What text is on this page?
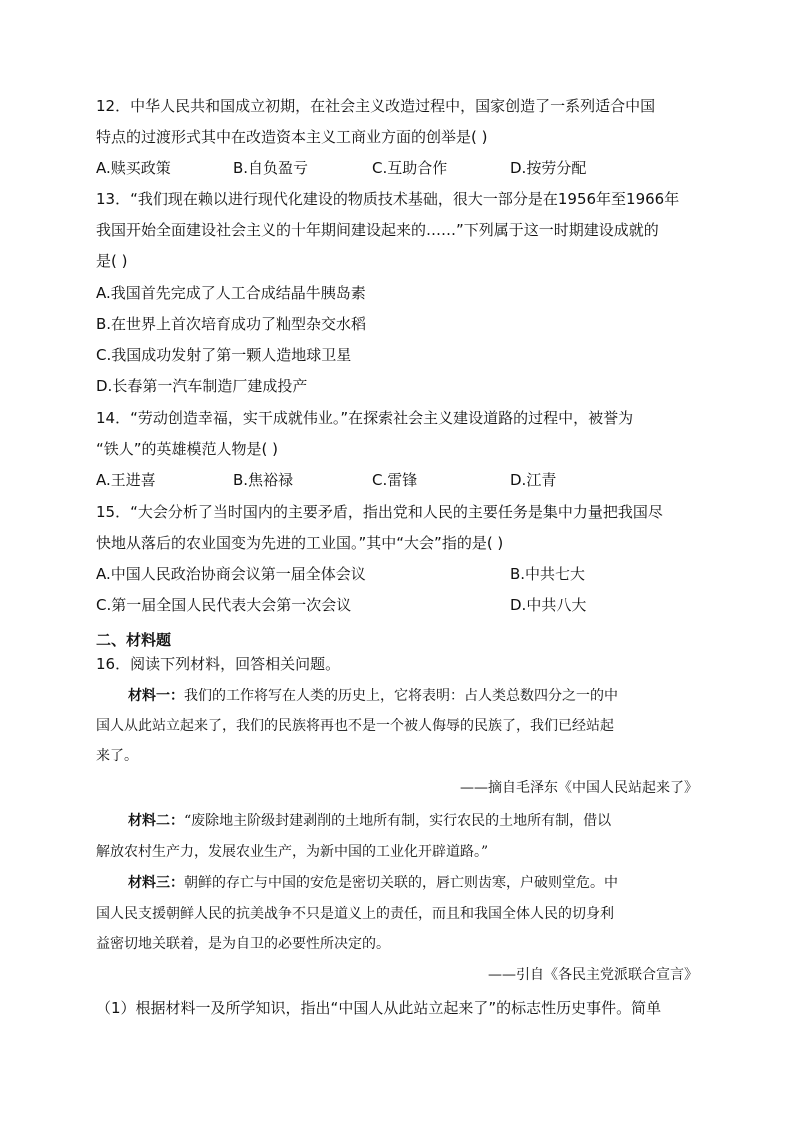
12．中华人民共和国成立初期，在社会主义改造过程中，国家创造了一系列适合中国
特点的过渡形式其中在改造资本主义工商业方面的创举是( )
A.赎买政策	B.自负盈亏	C.互助合作	D.按劳分配
13．“我们现在赖以进行现代化建设的物质技术基础，很大一部分是在1956年至1966年
我国开始全面建设社会主义的十年期间建设起来的……”下列属于这一时期建设成就的
是( )
A.我国首先完成了人工合成结晶牛胰岛素
B.在世界上首次培育成功了籼型杂交水稻
C.我国成功发射了第一颗人造地球卫星
D.长春第一汽车制造厂建成投产
14．“劳动创造幸福，实干成就伟业。”在探索社会主义建设道路的过程中，被誉为
“铁人”的英雄模范人物是( )
A.王进喜	B.焦裕禄	C.雷锋	D.江青
15．“大会分析了当时国内的主要矛盾，指出党和人民的主要任务是集中力量把我国尽
快地从落后的农业国变为先进的工业国。”其中“大会”指的是( )
A.中国人民政治协商会议第一届全体会议	B.中共七大
C.第一届全国人民代表大会第一次会议	D.中共八大
二、材料题
16．阅读下列材料，回答相关问题。
材料一：我们的工作将写在人类的历史上，它将表明：占人类总数四分之一的中
国人从此站立起来了，我们的民族将再也不是一个被人侮辱的民族了，我们已经站起
来了。
——摘自毛泽东《中国人民站起来了》
材料二：“废除地主阶级封建剥削的土地所有制，实行农民的土地所有制，借以
解放农村生产力，发展农业生产，为新中国的工业化开辟道路。”
材料三：朝鲜的存亡与中国的安危是密切关联的，唇亡则齿寒，户破则堂危。中
国人民支援朝鲜人民的抗美战争不只是道义上的责任，而且和我国全体人民的切身利
益密切地关联着，是为自卫的必要性所决定的。
——引自《各民主党派联合宣言》
（1）根据材料一及所学知识，指出“中国人从此站立起来了”的标志性历史事件。简单
